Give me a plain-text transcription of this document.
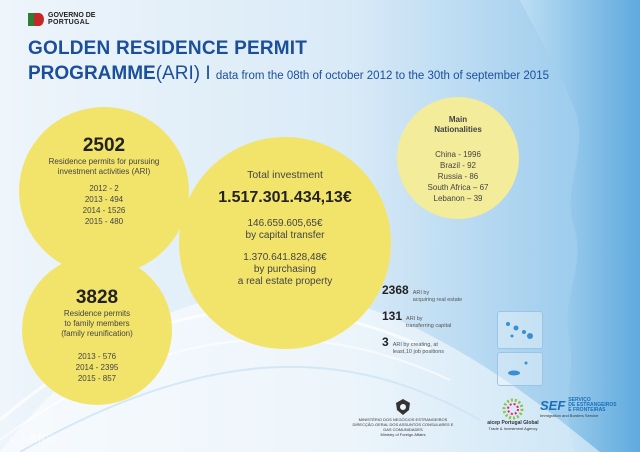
GOVERNO DE
PORTUGAL
GOLDEN RESIDENCE PERMIT
PROGRAMME(ARI) I data from the 08th of october 2012 to the 30th of september 2015
2502
Residence permits for pursuing
investment activities (ARI)
2012 - 2
2013 - 494
2014 - 1526
2015 - 480
3828
Residence permits
to family members
(family reunification)
2013 - 576
2014 - 2395
2015 - 857
Total investment
1.517.301.434,13€
146.659.605,65€
by capital transfer
1.370.641.828,48€
by purchasing
a real estate property
Main
Nationalities
China - 1996
Brazil - 92
Russia - 86
South Africa – 67
Lebanon – 39
2368 ARI by
acquiring real estate
131 ARI by
transferring capital
3 ARI by creating, at
least,10 job positions
MINISTÉRIO DOS NEGÓCIOS ESTRANGEIROS
DIRECÇÃO-GERAL DOS ASSUNTOS CONSULARES E
DAS COMUNIDADES
Ministry of Foreign Affairs
aicep Portugal Global
Trade & Investment Agency
SEF SERVIÇO
DE ESTRANGEIROS
E FRONTEIRAS
Immigration and Borders Service
☺ 大欧移民
